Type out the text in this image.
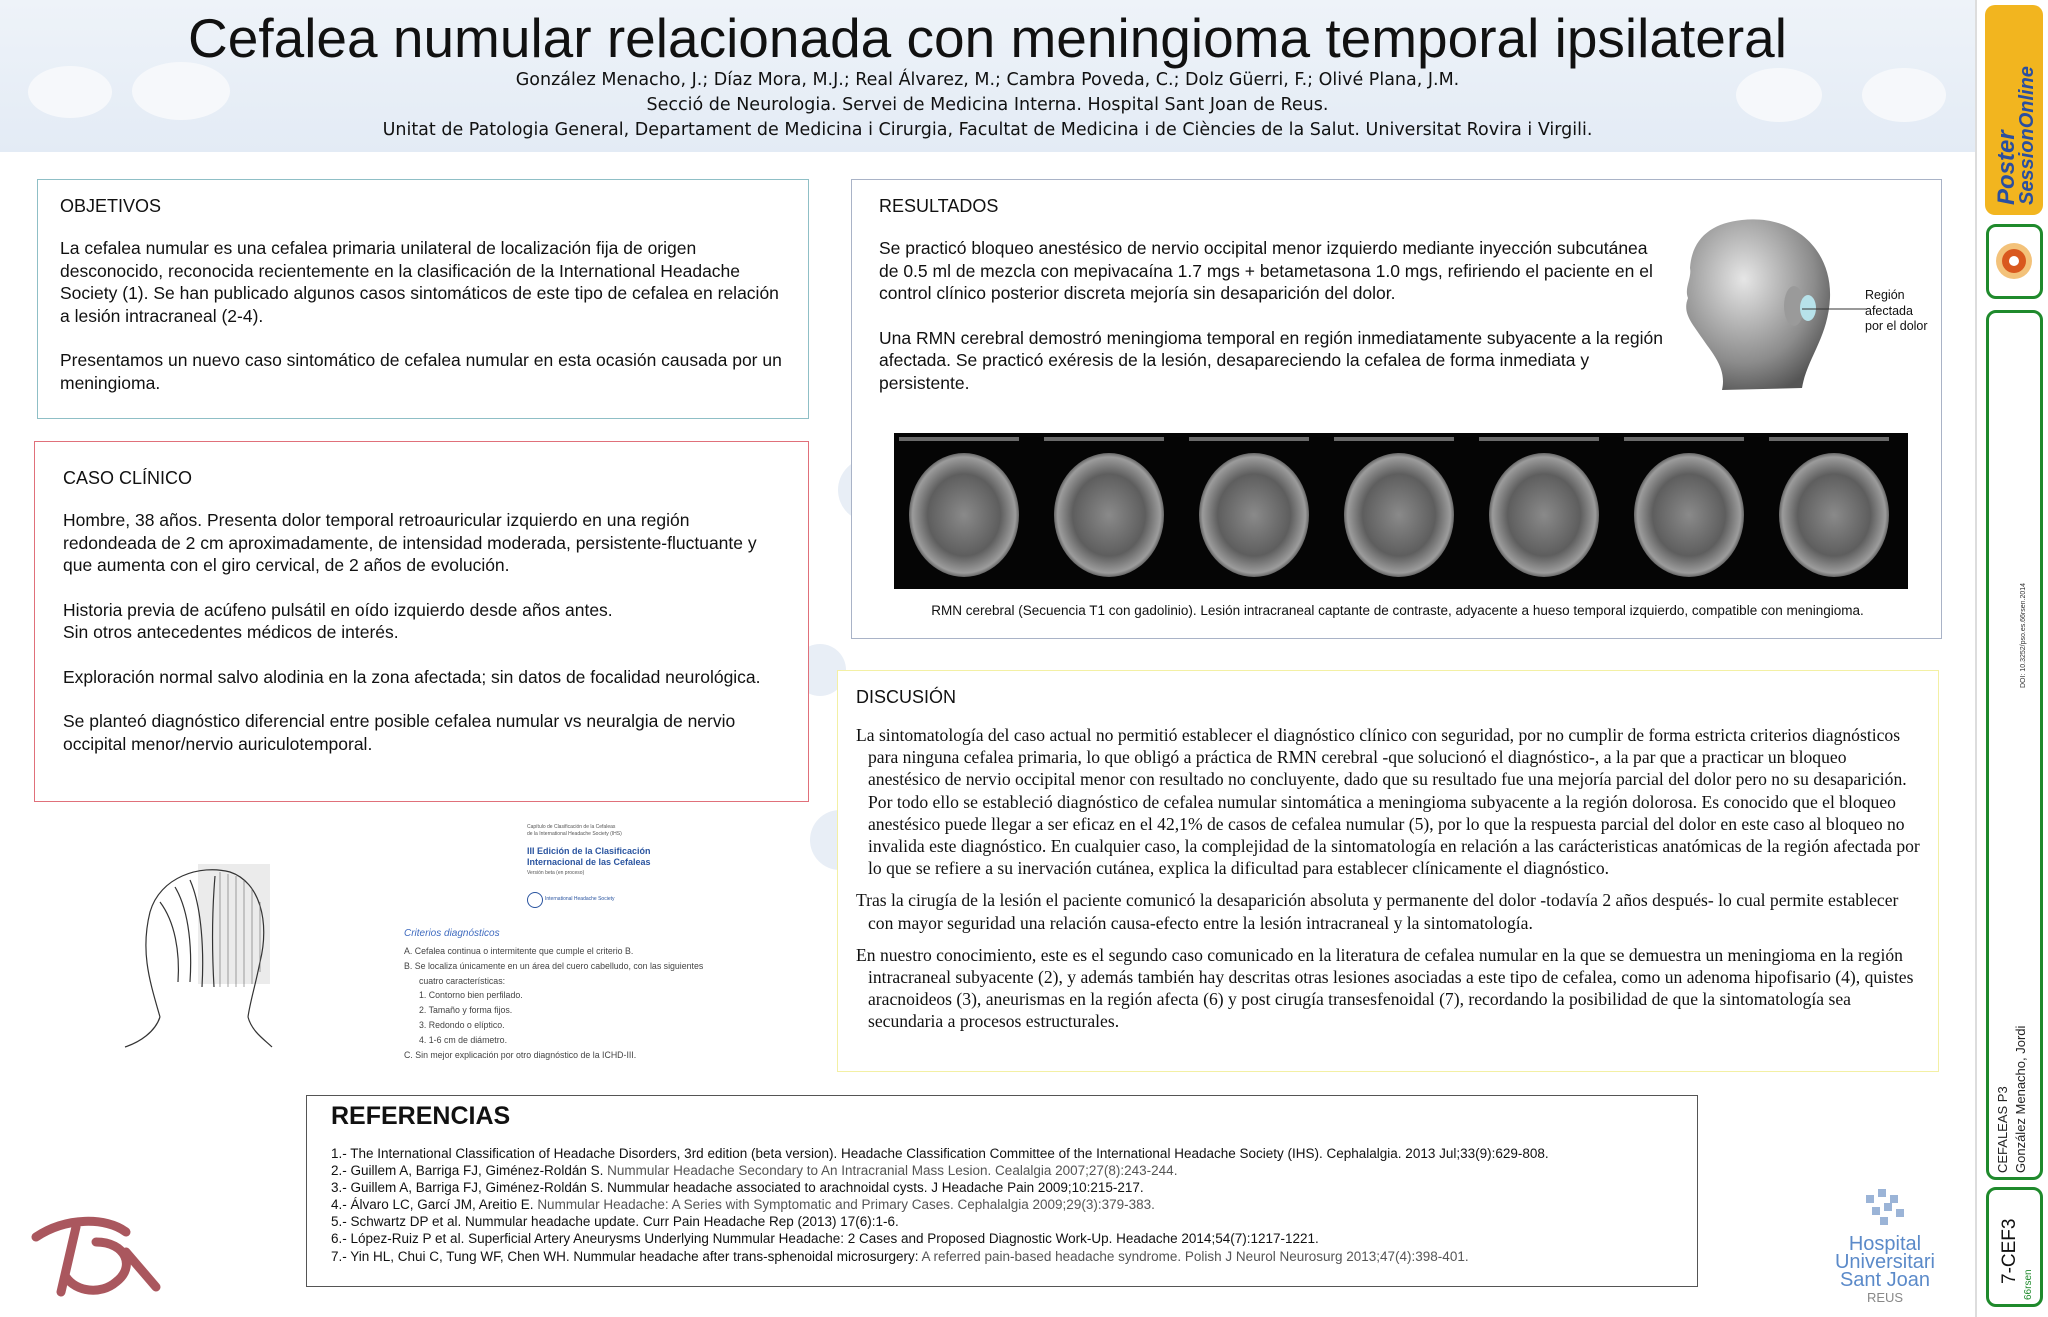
Cefalea numular relacionada con meningioma temporal ipsilateral
González Menacho, J.; Díaz Mora, M.J.; Real Álvarez, M.; Cambra Poveda, C.; Dolz Güerri, F.; Olivé Plana, J.M.
Secció de Neurologia. Servei de Medicina Interna. Hospital Sant Joan de Reus.
Unitat de Patologia General, Departament de Medicina i Cirurgia, Facultat de Medicina i de Ciències de la Salut. Universitat Rovira i Virgili.
OBJETIVOS

La cefalea numular es una cefalea primaria unilateral de localización fija de origen desconocido, reconocida recientemente en la clasificación de la International Headache Society (1). Se han publicado algunos casos sintomáticos de este tipo de cefalea en relación a lesión intracraneal (2-4).

Presentamos un nuevo caso sintomático de cefalea numular en esta ocasión causada por un meningioma.

CASO CLÍNICO

Hombre, 38 años. Presenta dolor temporal retroauricular izquierdo en una región redondeada de 2 cm aproximadamente, de intensidad moderada, persistente-fluctuante y que aumenta con el giro cervical, de 2 años de evolución.

Historia previa de acúfeno pulsátil en oído izquierdo desde años antes.

Sin otros antecedentes médicos de interés.

Exploración normal salvo alodinia en la zona afectada; sin datos de focalidad neurológica.

Se planteó diagnóstico diferencial entre posible cefalea numular vs neuralgia de nervio occipital menor/nervio auriculotemporal.

Capítulo de Clasificación de la Cefaleas
de la International Headache Society (IHS)
III Edición de la Clasificación
Internacional de las Cefaleas
Versión beta (en proceso)
International Headache Society
Criterios diagnósticos
A. Cefalea continua o intermitente que cumple el criterio B.
B. Se localiza únicamente en un área del cuero cabelludo, con las siguientes
cuatro características:
1. Contorno bien perfilado.
2. Tamaño y forma fijos.
3. Redondo o elíptico.
4. 1-6 cm de diámetro.
C. Sin mejor explicación por otro diagnóstico de la ICHD-III.
RESULTADOS

Se practicó bloqueo anestésico de nervio occipital menor izquierdo mediante inyección subcutánea de 0.5 ml de mezcla con mepivacaína 1.7 mgs + betametasona 1.0 mgs, refiriendo el paciente en el control clínico posterior discreta mejoría sin desaparición del dolor.

Una RMN cerebral demostró meningioma temporal en región inmediatamente subyacente a la región afectada. Se practicó exéresis de la lesión, desapareciendo la cefalea de forma inmediata y persistente.

Región
afectada
por el dolor
RMN cerebral (Secuencia T1 con gadolinio). Lesión intracraneal captante de contraste, adyacente a hueso temporal izquierdo, compatible con meningioma.
DISCUSIÓN

La sintomatología del caso actual no permitió establecer el diagnóstico clínico con seguridad, por no cumplir de forma estricta criterios diagnósticos para ninguna cefalea primaria, lo que obligó a práctica de RMN cerebral -que solucionó el diagnóstico-, a la par que a practicar un bloqueo anestésico de nervio occipital menor con resultado no concluyente, dado que su resultado fue una mejoría parcial del dolor pero no su desaparición. Por todo ello se estableció diagnóstico de cefalea numular sintomática a meningioma subyacente a la región dolorosa. Es conocido que el bloqueo anestésico puede llegar a ser eficaz en el 42,1% de casos de cefalea numular (5), por lo que la respuesta parcial del dolor en este caso al bloqueo no invalida este diagnóstico. En cualquier caso, la complejidad de la sintomatología en relación a las carácteristicas anatómicas de la región afectada por lo que se refiere a su inervación cutánea, explica la dificultad para establecer clínicamente el diagnóstico.

Tras la cirugía de la lesión el paciente comunicó la desaparición absoluta y permanente del dolor -todavía 2 años después- lo cual permite establecer con mayor seguridad una relación causa-efecto entre la lesión intracraneal y la sintomatología.

En nuestro conocimiento, este es el segundo caso comunicado en la literatura de cefalea numular en la que se demuestra un meningioma en la región intracraneal subyacente (2), y además también hay descritas otras lesiones asociadas a este tipo de cefalea, como un adenoma hipofisario (4), quistes aracnoideos (3), aneurismas en la región afecta (6) y post cirugía transesfenoidal (7), recordando la posibilidad de que la sintomatología sea secundaria a procesos estructurales.

REFERENCIAS
1.- The International Classification of Headache Disorders, 3rd edition (beta version). Headache Classification Committee of the International Headache Society (IHS). Cephalalgia. 2013 Jul;33(9):629-808.
2.- Guillem A, Barriga FJ, Giménez-Roldán S. Nummular Headache Secondary to An Intracranial Mass Lesion. Cealalgia 2007;27(8):243-244.
3.- Guillem A, Barriga FJ, Giménez-Roldán S. Nummular headache associated to arachnoidal cysts. J Headache Pain 2009;10:215-217.
4.- Álvaro LC, Garcí JM, Areitio E. Nummular Headache: A Series with Symptomatic and Primary Cases. Cephalalgia 2009;29(3):379-383.
5.- Schwartz DP et al. Nummular headache update. Curr Pain Headache Rep (2013) 17(6):1-6.
6.- López-Ruiz P et al. Superficial Artery Aneurysms Underlying Nummular Headache: 2 Cases and Proposed Diagnostic Work-Up. Headache 2014;54(7):1217-1221.
7.- Yin HL, Chui C, Tung WF, Chen WH. Nummular headache after trans-sphenoidal microsurgery: A referred pain-based headache syndrome. Polish J Neurol Neurosurg 2013;47(4):398-401.
Hospital
Universitari
Sant Joan
REUS
Poster
SessionOnline
DOI: 10.3252/pso.es.66rsen.2014
CEFALEAS P3 González Menacho, Jordi
7-CEF3
66rsen
